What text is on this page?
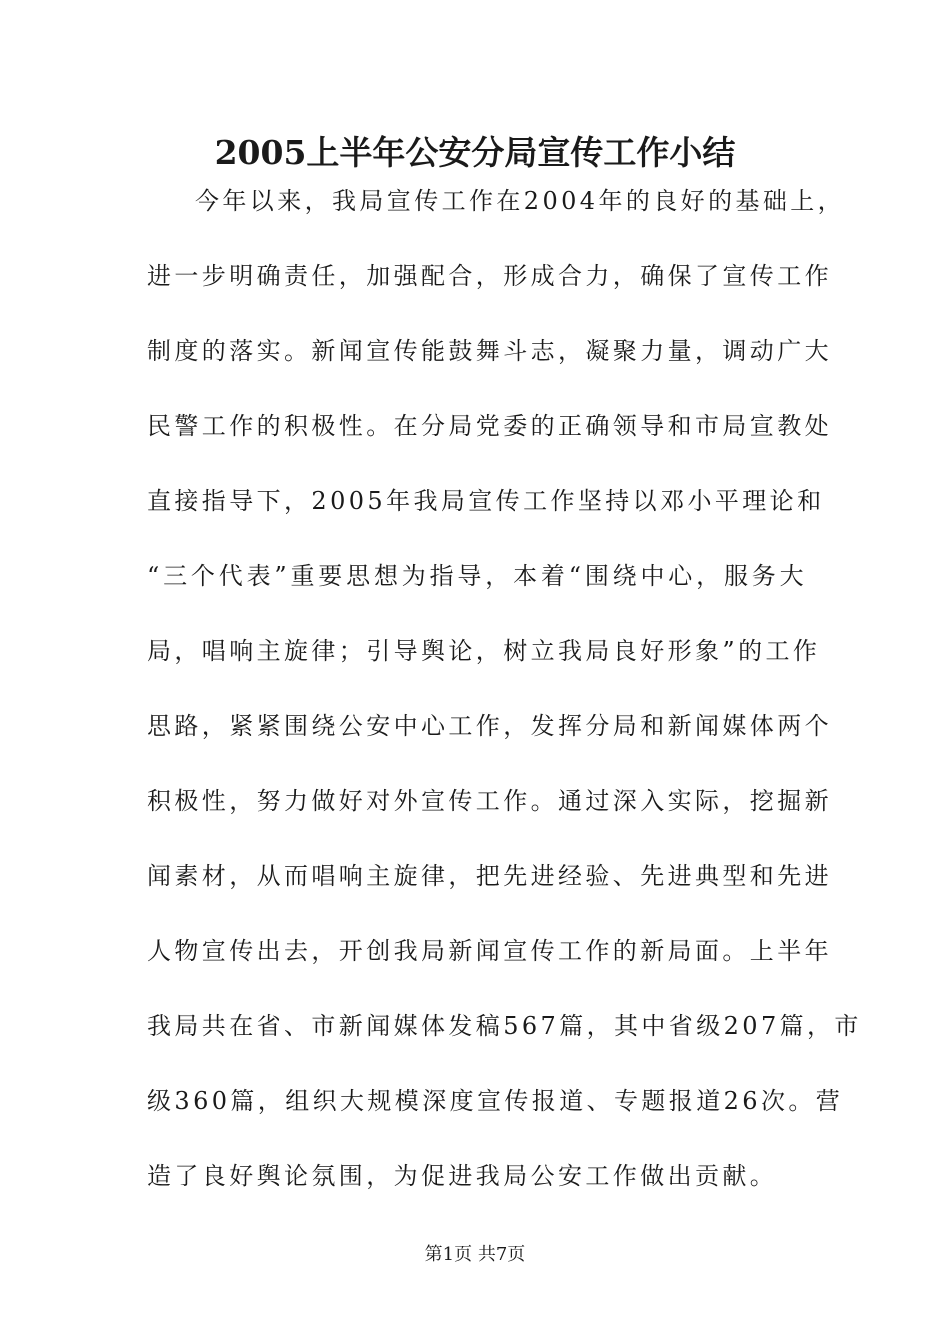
2005上半年公安分局宣传工作小结
今年以来，我局宣传工作在2004年的良好的基础上，
进一步明确责任，加强配合，形成合力，确保了宣传工作
制度的落实。新闻宣传能鼓舞斗志，凝聚力量，调动广大
民警工作的积极性。在分局党委的正确领导和市局宣教处
直接指导下，2005年我局宣传工作坚持以邓小平理论和
“三个代表”重要思想为指导，本着“围绕中心，服务大
局，唱响主旋律；引导舆论，树立我局良好形象”的工作
思路，紧紧围绕公安中心工作，发挥分局和新闻媒体两个
积极性，努力做好对外宣传工作。通过深入实际，挖掘新
闻素材，从而唱响主旋律，把先进经验、先进典型和先进
人物宣传出去，开创我局新闻宣传工作的新局面。上半年
我局共在省、市新闻媒体发稿567篇，其中省级207篇，市
级360篇，组织大规模深度宣传报道、专题报道26次。营
造了良好舆论氛围，为促进我局公安工作做出贡献。
第1页 共7页
